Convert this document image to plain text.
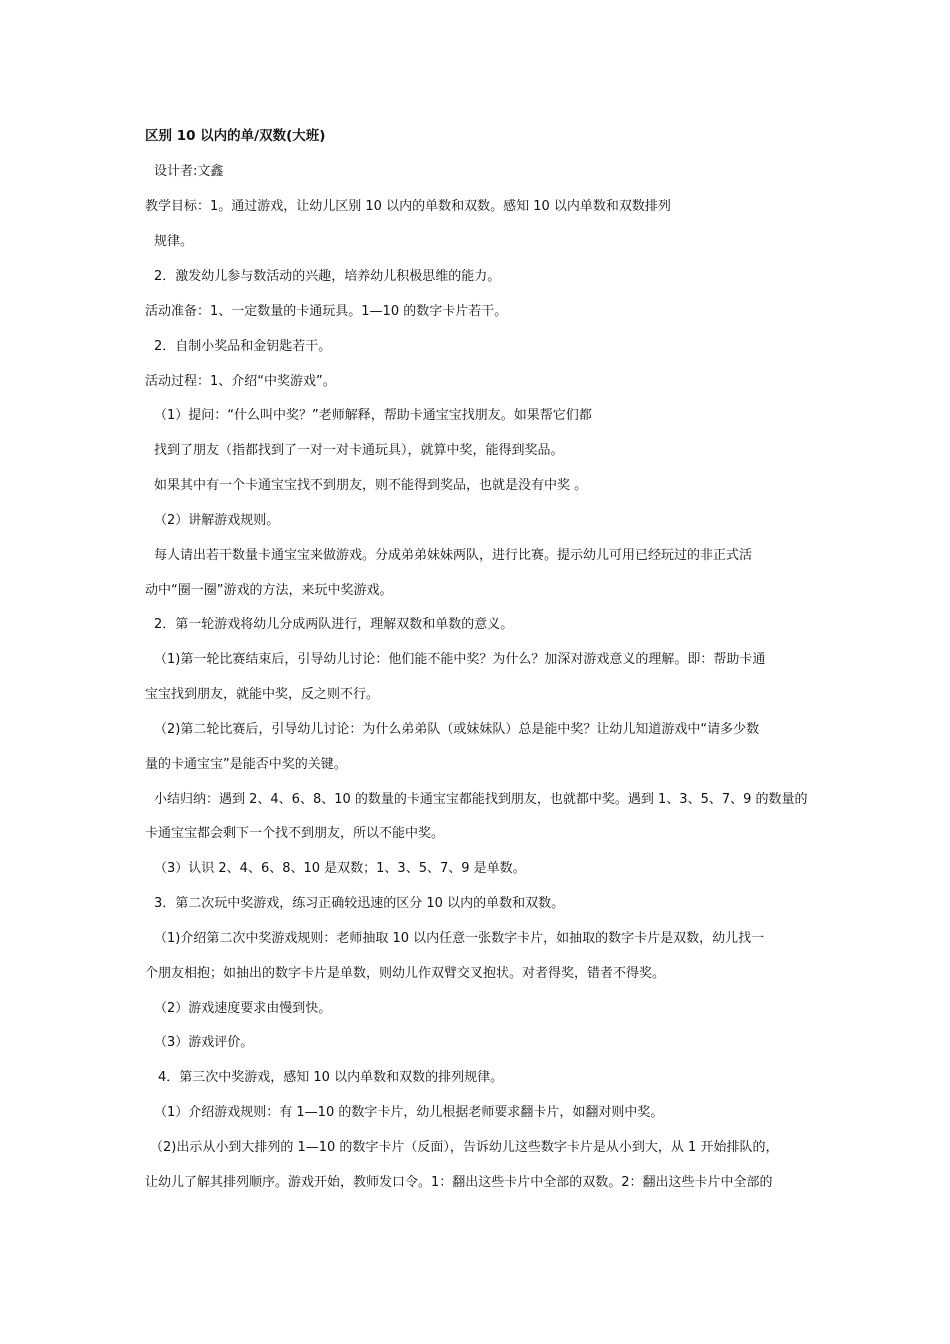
区别 10 以内的单/双数(大班)
设计者:文鑫
教学目标：1。通过游戏，让幼儿区别 10 以内的单数和双数。感知 10 以内单数和双数排列
规律。
2．激发幼儿参与数活动的兴趣，培养幼儿积极思维的能力。
活动准备：1、一定数量的卡通玩具。1—10 的数字卡片若干。
2．自制小奖品和金钥匙若干。
活动过程：1、介绍“中奖游戏”。
（1）提问：“什么叫中奖？”老师解释，帮助卡通宝宝找朋友。如果帮它们都
找到了朋友（指都找到了一对一对卡通玩具），就算中奖，能得到奖品。
如果其中有一个卡通宝宝找不到朋友，则不能得到奖品，也就是没有中奖 。
（2）讲解游戏规则。
每人请出若干数量卡通宝宝来做游戏。分成弟弟妹妹两队，进行比赛。提示幼儿可用已经玩过的非正式活
动中“圈一圈”游戏的方法，来玩中奖游戏。
2．第一轮游戏将幼儿分成两队进行，理解双数和单数的意义。
（1)第一轮比赛结束后，引导幼儿讨论：他们能不能中奖？为什么？加深对游戏意义的理解。即：帮助卡通
宝宝找到朋友，就能中奖，反之则不行。
（2)第二轮比赛后，引导幼儿讨论：为什么弟弟队（或妹妹队）总是能中奖？让幼儿知道游戏中“请多少数
量的卡通宝宝”是能否中奖的关键。
小结归纳：遇到 2、4、6、8、10 的数量的卡通宝宝都能找到朋友，也就都中奖。遇到 1、3、5、7、9 的数量的
卡通宝宝都会剩下一个找不到朋友，所以不能中奖。
（3）认识 2、4、6、8、10 是双数；1、3、5、7、9 是单数。
3．第二次玩中奖游戏，练习正确较迅速的区分 10 以内的单数和双数。
（1)介绍第二次中奖游戏规则：老师抽取 10 以内任意一张数字卡片，如抽取的数字卡片是双数，幼儿找一
个朋友相抱；如抽出的数字卡片是单数，则幼儿作双臂交叉抱状。对者得奖，错者不得奖。
（2）游戏速度要求由慢到快。
（3）游戏评价。
4．第三次中奖游戏，感知 10 以内单数和双数的排列规律。
（1）介绍游戏规则：有 1—10 的数字卡片，幼儿根据老师要求翻卡片，如翻对则中奖。
（2)出示从小到大排列的 1—10 的数字卡片（反面），告诉幼儿这些数字卡片是从小到大，从 1 开始排队的，
让幼儿了解其排列顺序。游戏开始，教师发口令。1：翻出这些卡片中全部的双数。2：翻出这些卡片中全部的
